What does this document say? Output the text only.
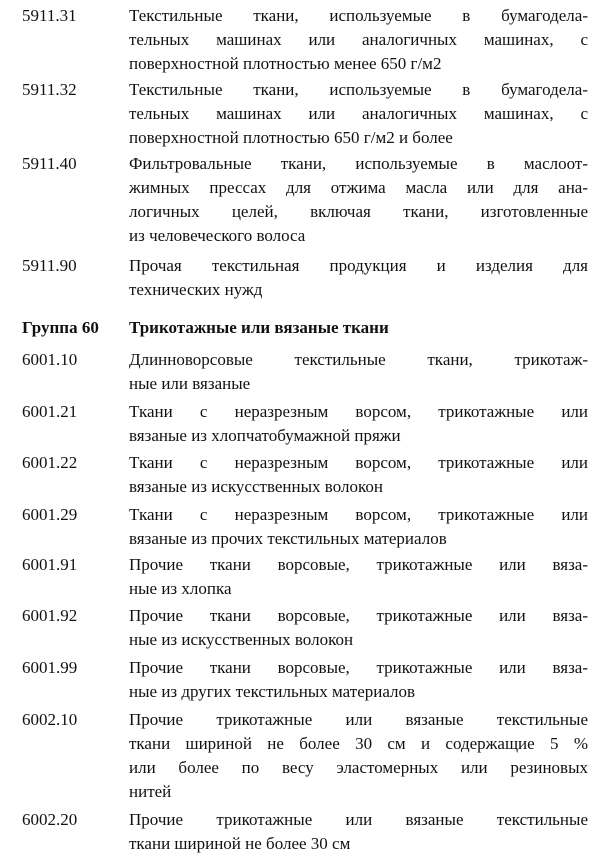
5911.31	Текстильные ткани, используемые в бумагодела-
тельных машинах или аналогичных машинах, с
поверхностной плотностью менее 650 г/м2
5911.32	Текстильные ткани, используемые в бумагодела-
тельных машинах или аналогичных машинах, с
поверхностной плотностью 650 г/м2 и более
5911.40	Фильтровальные ткани, используемые в маслоот-
жимных прессах для отжима масла или для ана-
логичных целей, включая ткани, изготовленные
из человеческого волоса
5911.90	Прочая текстильная продукция и изделия для
технических нужд
Группа 60 Трикотажные или вязаные ткани
6001.10	Длинноворсовые текстильные ткани, трикотаж-
ные или вязаные
6001.21	Ткани с неразрезным ворсом, трикотажные или
вязаные из хлопчатобумажной пряжи
6001.22	Ткани с неразрезным ворсом, трикотажные или
вязаные из искусственных волокон
6001.29	Ткани с неразрезным ворсом, трикотажные или
вязаные из прочих текстильных материалов
6001.91	Прочие ткани ворсовые, трикотажные или вяза-
ные из хлопка
6001.92	Прочие ткани ворсовые, трикотажные или вяза-
ные из искусственных волокон
6001.99	Прочие ткани ворсовые, трикотажные или вяза-
ные из других текстильных материалов
6002.10	Прочие трикотажные или вязаные текстильные
ткани шириной не более 30 см и содержащие 5 %
или более по весу эластомерных или резиновых
нитей
6002.20	Прочие трикотажные или вязаные текстильные
ткани шириной не более 30 см
